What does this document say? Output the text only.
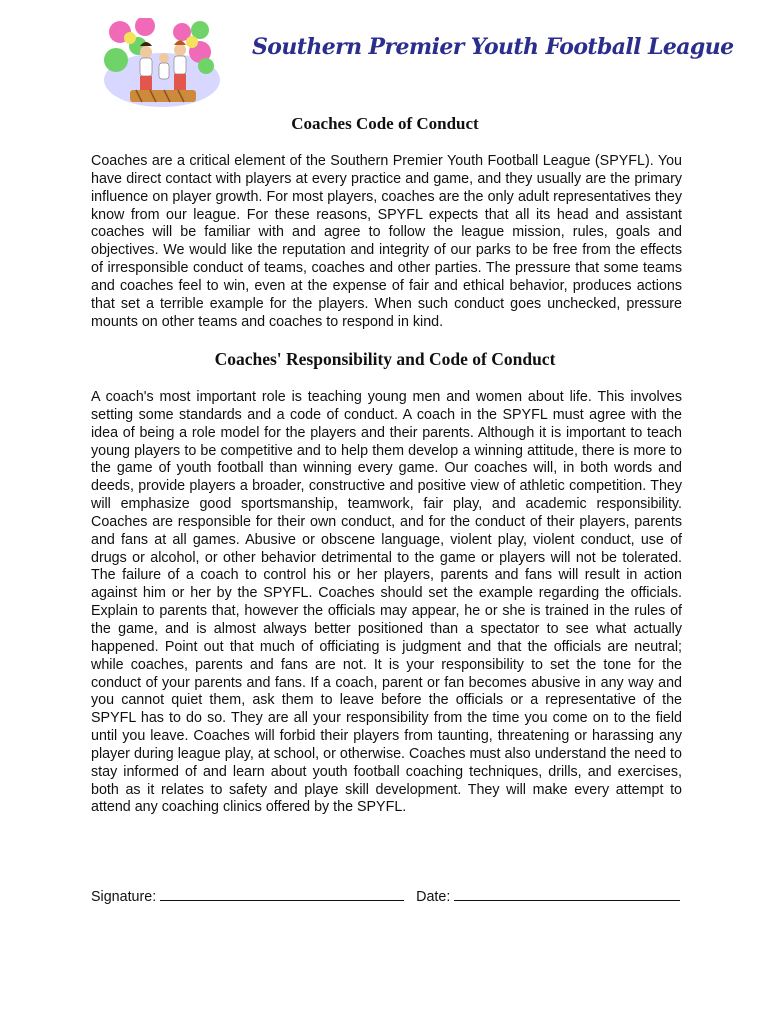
Southern Premier Youth Football League
Coaches Code of Conduct

Coaches are a critical element of the Southern Premier Youth Football League (SPYFL). You have direct contact with players at every practice and game, and they usually are the primary influence on player growth. For most players, coaches are the only adult representatives they know from our league. For these reasons, SPYFL expects that all its head and assistant coaches will be familiar with and agree to follow the league mission, rules, goals and objectives. We would like the reputation and integrity of our parks to be free from the effects of irresponsible conduct of teams, coaches and other parties. The pressure that some teams and coaches feel to win, even at the expense of fair and ethical behavior, produces actions that set a terrible example for the players. When such conduct goes unchecked, pressure mounts on other teams and coaches to respond in kind.

Coaches' Responsibility and Code of Conduct

A coach's most important role is teaching young men and women about life. This involves setting some standards and a code of conduct. A coach in the SPYFL must agree with the idea of being a role model for the players and their parents. Although it is important to teach young players to be competitive and to help them develop a winning attitude, there is more to the game of youth football than winning every game. Our coaches will, in both words and deeds, provide players a broader, constructive and positive view of athletic competition. They will emphasize good sportsmanship, teamwork, fair play, and academic responsibility. Coaches are responsible for their own conduct, and for the conduct of their players, parents and fans at all games. Abusive or obscene language, violent play, violent conduct, use of drugs or alcohol, or other behavior detrimental to the game or players will not be tolerated. The failure of a coach to control his or her players, parents and fans will result in action against him or her by the SPYFL. Coaches should set the example regarding the officials. Explain to parents that, however the officials may appear, he or she is trained in the rules of the game, and is almost always better positioned than a spectator to see what actually happened. Point out that much of officiating is judgment and that the officials are neutral; while coaches, parents and fans are not. It is your responsibility to set the tone for the conduct of your parents and fans. If a coach, parent or fan becomes abusive in any way and you cannot quiet them, ask them to leave before the officials or a representative of the SPYFL has to do so. They are all your responsibility from the time you come on to the field until you leave. Coaches will forbid their players from taunting, threatening or harassing any player during league play, at school, or otherwise. Coaches must also understand the need to stay informed of and learn about youth football coaching techniques, drills, and exercises, both as it relates to safety and playe skill development. They will make every attempt to attend any coaching clinics offered by the SPYFL.

Signature:	Date:
